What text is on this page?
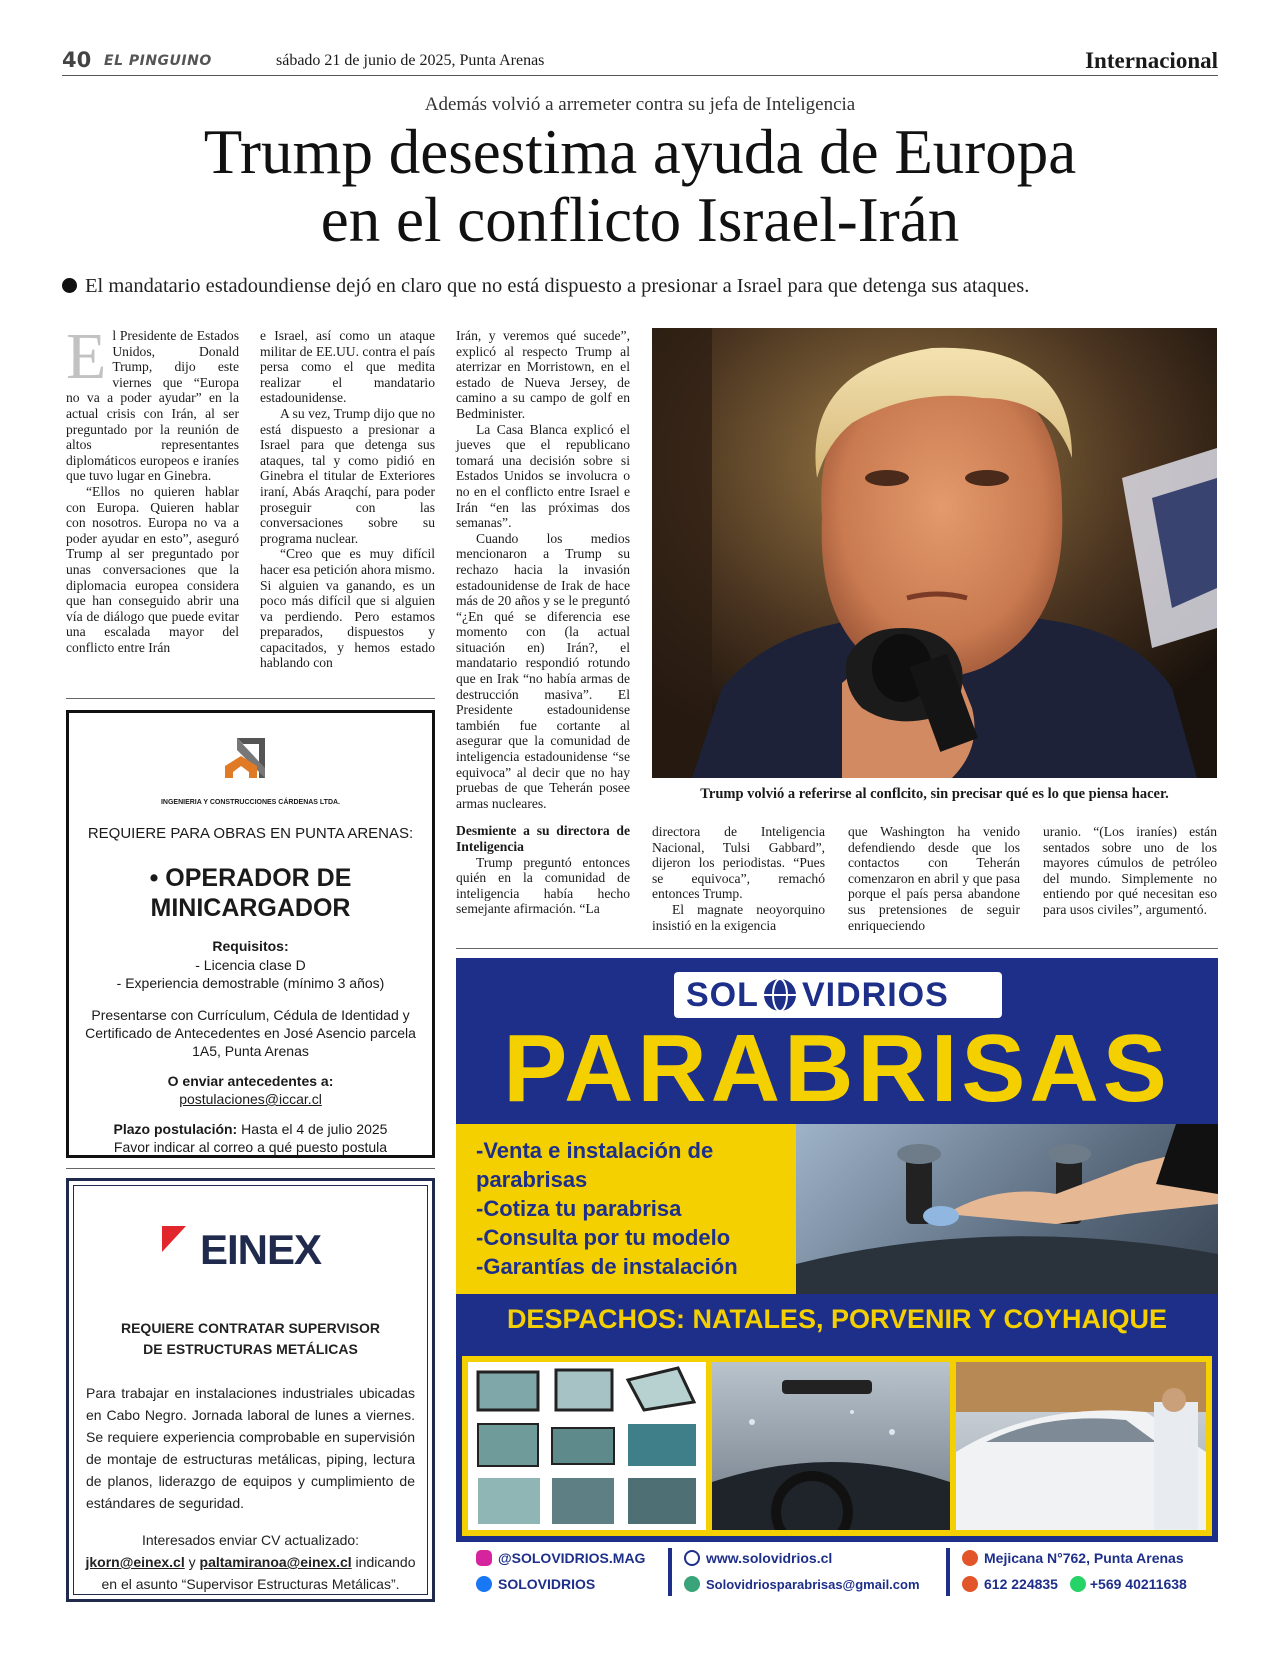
40 EL PINGUINO	sábado 21 de junio de 2025, Punta Arenas	Internacional
Además volvió a arremeter contra su jefa de Inteligencia
Trump desestima ayuda de Europa
en el conflicto Israel-Irán
El mandatario estadoundiense dejó en claro que no está dispuesto a presionar a Israel para que detenga sus ataques.
E l Presidente de Estados Unidos, Donald Trump, dijo este viernes que “Europa no va a poder ayudar” en la actual crisis con Irán, al ser preguntado por la reunión de altos representantes diplomáticos europeos e iraníes que tuvo lugar en Ginebra.

“Ellos no quieren hablar con Europa. Quieren hablar con nosotros. Europa no va a poder ayudar en esto”, aseguró Trump al ser preguntado por unas conversaciones que la diplomacia europea considera que han conseguido abrir una vía de diálogo que puede evitar una escalada mayor del conflicto entre Irán

e Israel, así como un ataque militar de EE.UU. contra el país persa como el que medita realizar el mandatario estadounidense.

A su vez, Trump dijo que no está dispuesto a presionar a Israel para que detenga sus ataques, tal y como pidió en Ginebra el titular de Exteriores iraní, Abás Araqchí, para poder proseguir con las conversaciones sobre su programa nuclear.

“Creo que es muy difícil hacer esa petición ahora mismo. Si alguien va ganando, es un poco más difícil que si alguien va perdiendo. Pero estamos preparados, dispuestos y capacitados, y hemos estado hablando con

Irán, y veremos qué sucede”, explicó al respecto Trump al aterrizar en Morristown, en el estado de Nueva Jersey, de camino a su campo de golf en Bedminister.

La Casa Blanca explicó el jueves que el republicano tomará una decisión sobre si Estados Unidos se involucra o no en el conflicto entre Israel e Irán “en las próximas dos semanas”.

Cuando los medios mencionaron a Trump su rechazo hacia la invasión estadounidense de Irak de hace más de 20 años y se le preguntó “¿En qué se diferencia ese momento con (la actual situación en) Irán?, el mandatario respondió rotundo que en Irak “no había armas de destrucción masiva”. El Presidente estadounidense también fue cortante al asegurar que la comunidad de inteligencia estadounidense “se equivoca” al decir que no hay pruebas de que Teherán posee armas nucleares.

Desmiente a su directora de Inteligencia

Trump preguntó entonces quién en la comunidad de inteligencia había hecho semejante afirmación. “La

Trump volvió a referirse al conflcito, sin precisar qué es lo que piensa hacer.

directora de Inteligencia Nacional, Tulsi Gabbard”, dijeron los periodistas. “Pues se equivoca”, remachó entonces Trump.

El magnate neoyorquino insistió en la exigencia

que Washington ha venido defendiendo desde que los contactos con Teherán comenzaron en abril y que pasa porque el país persa abandone sus pretensiones de seguir enriqueciendo

uranio. “(Los iraníes) están sentados sobre uno de los mayores cúmulos de petróleo del mundo. Simplemente no entiendo por qué necesitan eso para usos civiles”, argumentó.

INGENIERIA Y CONSTRUCCIONES CÁRDENAS LTDA.
REQUIERE PARA OBRAS EN PUNTA ARENAS:
• OPERADOR DE
MINICARGADOR
Requisitos:
- Licencia clase D
- Experiencia demostrable (mínimo 3 años)
Presentarse con Currículum, Cédula de Identidad y
Certificado de Antecedentes en José Asencio parcela
1A5, Punta Arenas
O enviar antecedentes a:
postulaciones@iccar.cl
Plazo postulación: Hasta el 4 de julio 2025
Favor indicar al correo a qué puesto postula
EINEX
REQUIERE CONTRATAR SUPERVISOR
DE ESTRUCTURAS METÁLICAS
Para trabajar en instalaciones industriales ubicadas en Cabo Negro. Jornada laboral de lunes a viernes. Se requiere experiencia comprobable en supervisión de montaje de estructuras metálicas, piping, lectura de planos, liderazgo de equipos y cumplimiento de estándares de seguridad.
Interesados enviar CV actualizado:
jkorn@einex.cl y paltamiranoa@einex.cl indicando
en el asunto “Supervisor Estructuras Metálicas”.
SOL VIDRIOS
PARABRISAS
-Venta e instalación de
parabrisas
-Cotiza tu parabrisa
-Consulta por tu modelo
-Garantías de instalación
DESPACHOS: NATALES, PORVENIR Y COYHAIQUE
@SOLOVIDRIOS.MAG
SOLOVIDRIOS
www.solovidrios.cl
Solovidriosparabrisas@gmail.com
Mejicana N°762, Punta Arenas
612 224835 +569 40211638
